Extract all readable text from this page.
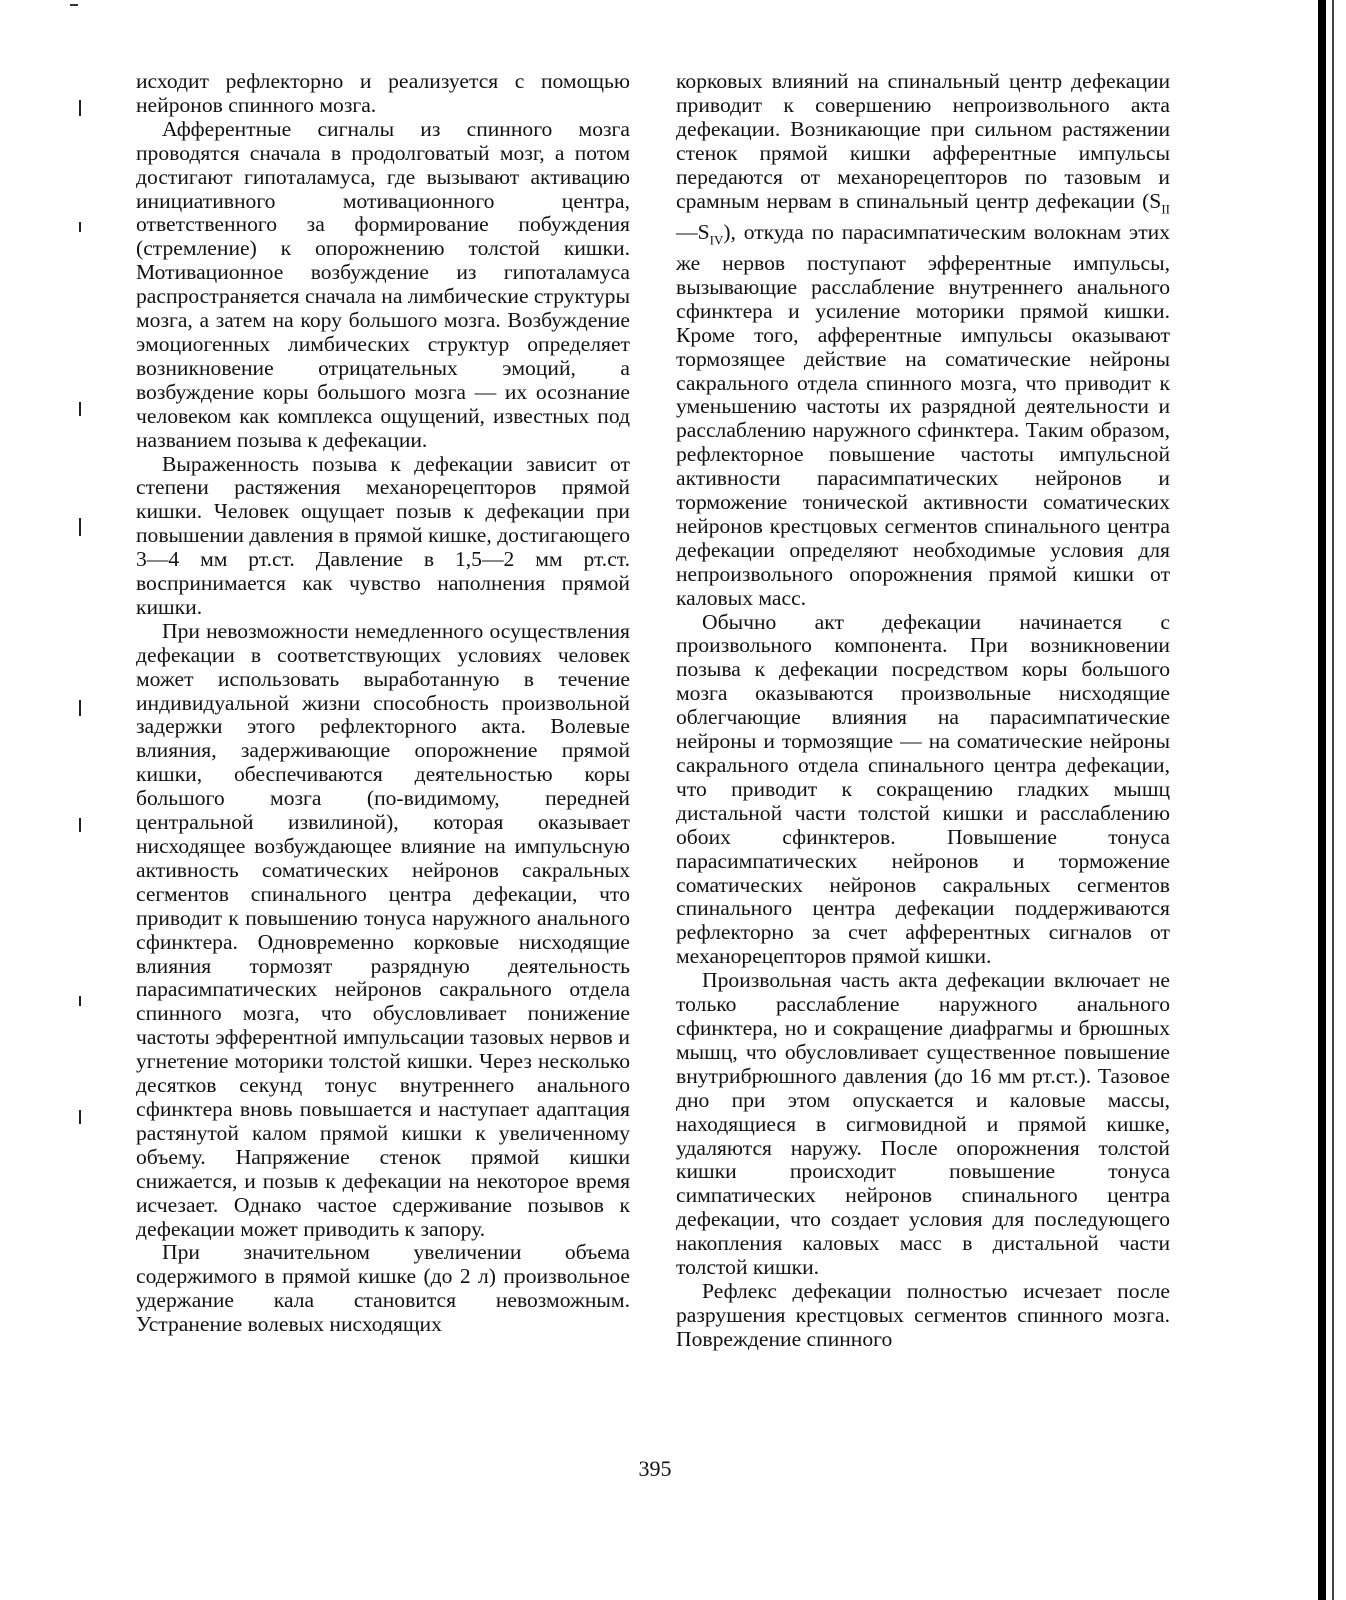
исходит рефлекторно и реализуется с помощью нейронов спинного мозга.

Афферентные сигналы из спинного мозга проводятся сначала в продолговатый мозг, а потом достигают гипоталамуса, где вызывают активацию инициативного мотивационного центра, ответственного за формирование побуждения (стремление) к опорожнению толстой кишки. Мотивационное возбуждение из гипоталамуса распространяется сначала на лимбические структуры мозга, а затем на кору большого мозга. Возбуждение эмоциогенных лимбических структур определяет возникновение отрицательных эмоций, а возбуждение коры большого мозга — их осознание человеком как комплекса ощущений, известных под названием позыва к дефекации.

Выраженность позыва к дефекации зависит от степени растяжения механорецепторов прямой кишки. Человек ощущает позыв к дефекации при повышении давления в прямой кишке, достигающего 3—4 мм рт.ст. Давление в 1,5—2 мм рт.ст. воспринимается как чувство наполнения прямой кишки.

При невозможности немедленного осуществления дефекации в соответствующих условиях человек может использовать выработанную в течение индивидуальной жизни способность произвольной задержки этого рефлекторного акта. Волевые влияния, задерживающие опорожнение прямой кишки, обеспечиваются деятельностью коры большого мозга (по-видимому, передней центральной извилиной), которая оказывает нисходящее возбуждающее влияние на импульсную активность соматических нейронов сакральных сегментов спинального центра дефекации, что приводит к повышению тонуса наружного анального сфинктера. Одновременно корковые нисходящие влияния тормозят разрядную деятельность парасимпатических нейронов сакрального отдела спинного мозга, что обусловливает понижение частоты эфферентной импульсации тазовых нервов и угнетение моторики толстой кишки. Через несколько десятков секунд тонус внутреннего анального сфинктера вновь повышается и наступает адаптация растянутой калом прямой кишки к увеличенному объему. Напряжение стенок прямой кишки снижается, и позыв к дефекации на некоторое время исчезает. Однако частое сдерживание позывов к дефекации может приводить к запору.

При значительном увеличении объема содержимого в прямой кишке (до 2 л) произвольное удержание кала становится невозможным. Устранение волевых нисходящих

корковых влияний на спинальный центр дефекации приводит к совершению непроизвольного акта дефекации. Возникающие при сильном растяжении стенок прямой кишки афферентные импульсы передаются от механорецепторов по тазовым и срамным нервам в спинальный центр дефекации $(S_{II}—S_{IV})$, откуда по парасимпатическим волокнам этих же нервов поступают эфферентные импульсы, вызывающие расслабление внутреннего анального сфинктера и усиление моторики прямой кишки. Кроме того, афферентные импульсы оказывают тормозящее действие на соматические нейроны сакрального отдела спинного мозга, что приводит к уменьшению частоты их разрядной деятельности и расслаблению наружного сфинктера. Таким образом, рефлекторное повышение частоты импульсной активности парасимпатических нейронов и торможение тонической активности соматических нейронов крестцовых сегментов спинального центра дефекации определяют необходимые условия для непроизвольного опорожнения прямой кишки от каловых масс.

Обычно акт дефекации начинается с произвольного компонента. При возникновении позыва к дефекации посредством коры большого мозга оказываются произвольные нисходящие облегчающие влияния на парасимпатические нейроны и тормозящие — на соматические нейроны сакрального отдела спинального центра дефекации, что приводит к сокращению гладких мышц дистальной части толстой кишки и расслаблению обоих сфинктеров. Повышение тонуса парасимпатических нейронов и торможение соматических нейронов сакральных сегментов спинального центра дефекации поддерживаются рефлекторно за счет афферентных сигналов от механорецепторов прямой кишки.

Произвольная часть акта дефекации включает не только расслабление наружного анального сфинктера, но и сокращение диафрагмы и брюшных мышц, что обусловливает существенное повышение внутрибрюшного давления (до 16 мм рт.ст.). Тазовое дно при этом опускается и каловые массы, находящиеся в сигмовидной и прямой кишке, удаляются наружу. После опорожнения толстой кишки происходит повышение тонуса симпатических нейронов спинального центра дефекации, что создает условия для последующего накопления каловых масс в дистальной части толстой кишки.

Рефлекс дефекации полностью исчезает после разрушения крестцовых сегментов спинного мозга. Повреждение спинного

395
